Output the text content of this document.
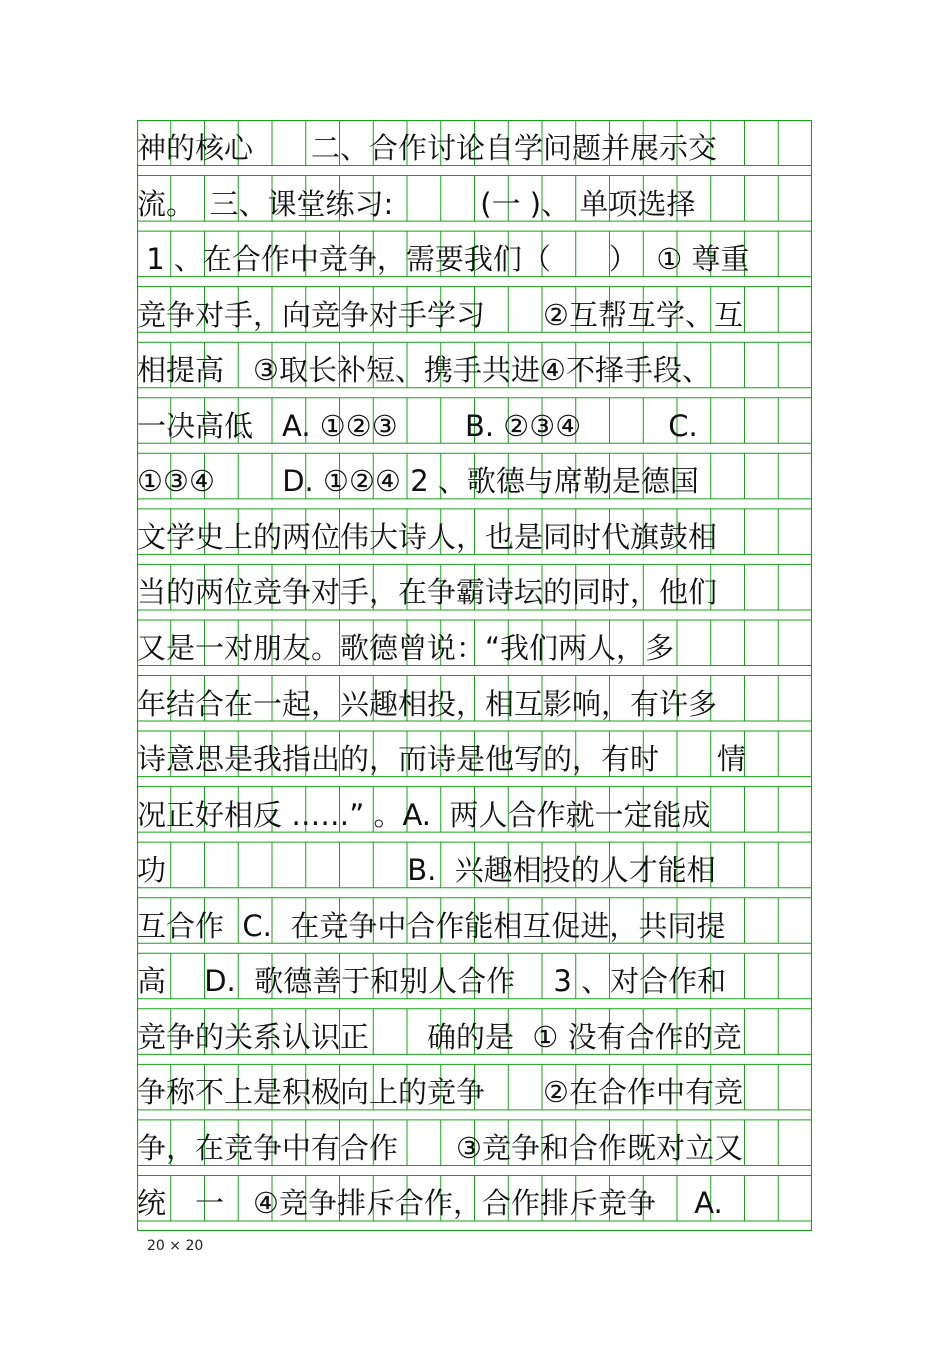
神的核心　　二、合作讨论自学问题并展示交
流。　三、课堂练习:　　　(一 )、 单项选择
1 、在合作中竞争，需要我们（　　）  ① 尊重
竞争对手，向竞争对手学习　　②互帮互学、互
相提高　③取长补短、携手共进④不择手段、
一决高低　A. ①②③　　 B. ②③④　　　C.
①③④　　 D. ①②④ 2 、歌德与席勒是德国
文学史上的两位伟大诗人，也是同时代旗鼓相
当的两位竞争对手，在争霸诗坛的同时，他们
又是一对朋友。歌德曾说：“我们两人，多
年结合在一起，兴趣相投，相互影响，有许多
诗意思是我指出的，而诗是他写的，有时　　情
况正好相反 ……” 。A.  两人合作就一定能成
功　　　　　　　　 B.  兴趣相投的人才能相
互合作  C.  在竞争中合作能相互促进，共同提
高　 D.  歌德善于和别人合作　 3 、对合作和
竞争的关系认识正　　确的是  ① 没有合作的竞
争称不上是积极向上的竞争　　②在合作中有竞
争，在竞争中有合作　　③竞争和合作既对立又
统　一　④竞争排斥合作，合作排斥竞争　 A.
20 × 20
